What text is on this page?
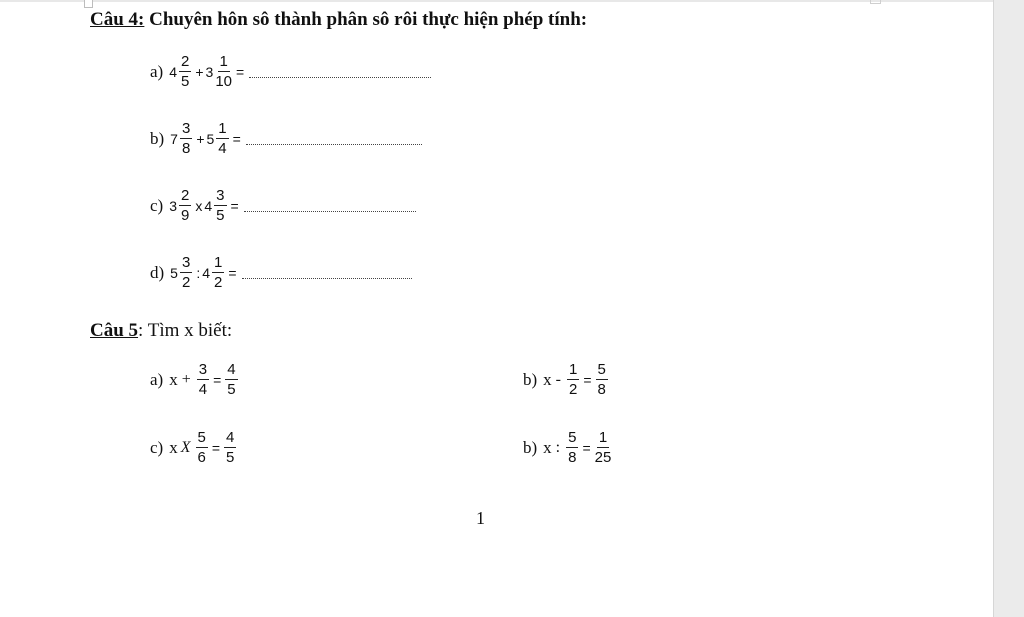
Câu 4: Chuyên hôn sô thành phân sô rôi thực hiện phép tính:
a) $4 \frac{2}{5} + 3 \frac{1}{10}$ =
b) $7 \frac{3}{8} + 5 \frac{1}{4}$ =
c) $3 \frac{2}{9}$ x $4 \frac{3}{5}$ =
d) $5 \frac{3}{2}$ : $4 \frac{1}{2}$ =
Câu 5: Tìm x biết:
a) $x + \frac{3}{4} = \frac{4}{5}$	b) $x - \frac{1}{2} = \frac{5}{8}$
c) x X $\frac{5}{6} = \frac{4}{5}$	b) x : $\frac{5}{8} = \frac{1}{25}$
1
